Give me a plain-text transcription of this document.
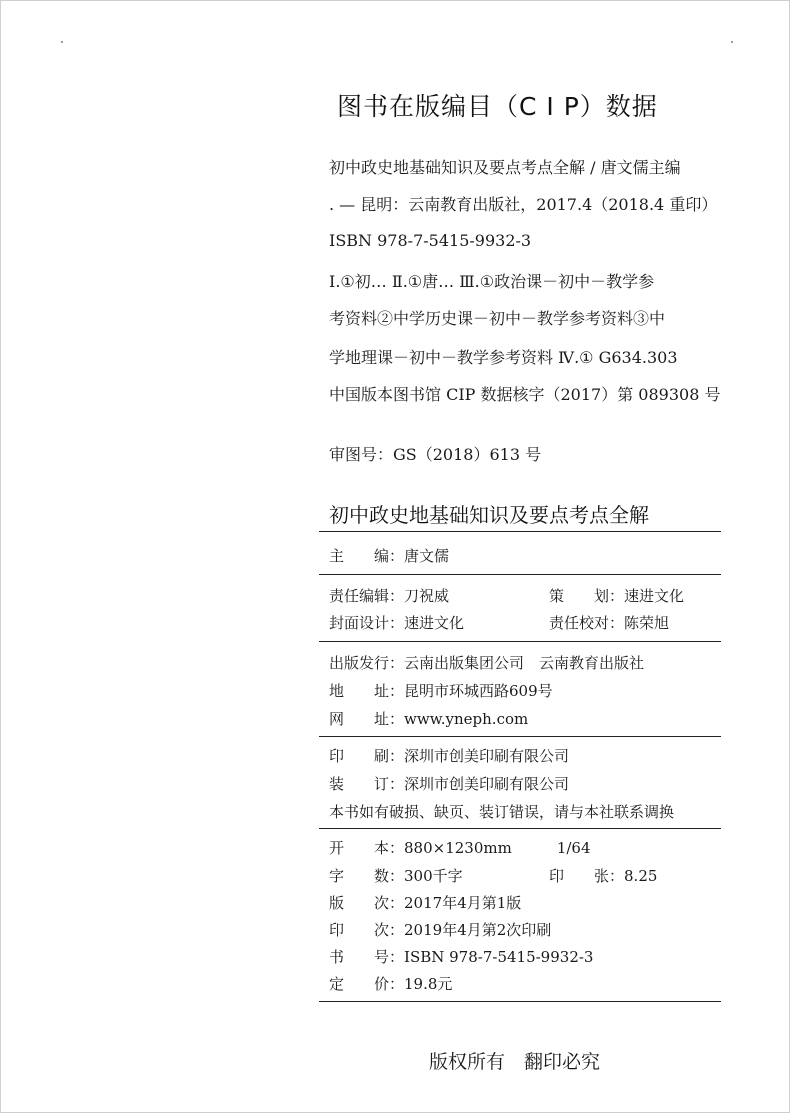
图书在版编目（C I P）数据
初中政史地基础知识及要点考点全解 / 唐文儒主编
. — 昆明：云南教育出版社，2017.4（2018.4 重印）
ISBN 978-7-5415-9932-3
Ⅰ.①初… Ⅱ.①唐… Ⅲ.①政治课－初中－教学参
考资料②中学历史课－初中－教学参考资料③中
学地理课－初中－教学参考资料 Ⅳ.① G634.303
中国版本图书馆 CIP 数据核字（2017）第 089308 号
审图号：GS（2018）613 号
初中政史地基础知识及要点考点全解
主　　编：唐文儒
责任编辑：刀祝威	策　　划：速进文化
封面设计：速进文化	责任校对：陈荣旭
出版发行：云南出版集团公司　云南教育出版社
地　　址：昆明市环城西路609号
网　　址：www.yneph.com
印　　刷：深圳市创美印刷有限公司
装　　订：深圳市创美印刷有限公司
本书如有破损、缺页、装订错误，请与本社联系调换
开　　本：880×1230mm　　　1/64
字　　数：300千字	印　　张：8.25
版　　次：2017年4月第1版
印　　次：2019年4月第2次印刷
书　　号：ISBN 978-7-5415-9932-3
定　　价：19.8元
版权所有　翻印必究
